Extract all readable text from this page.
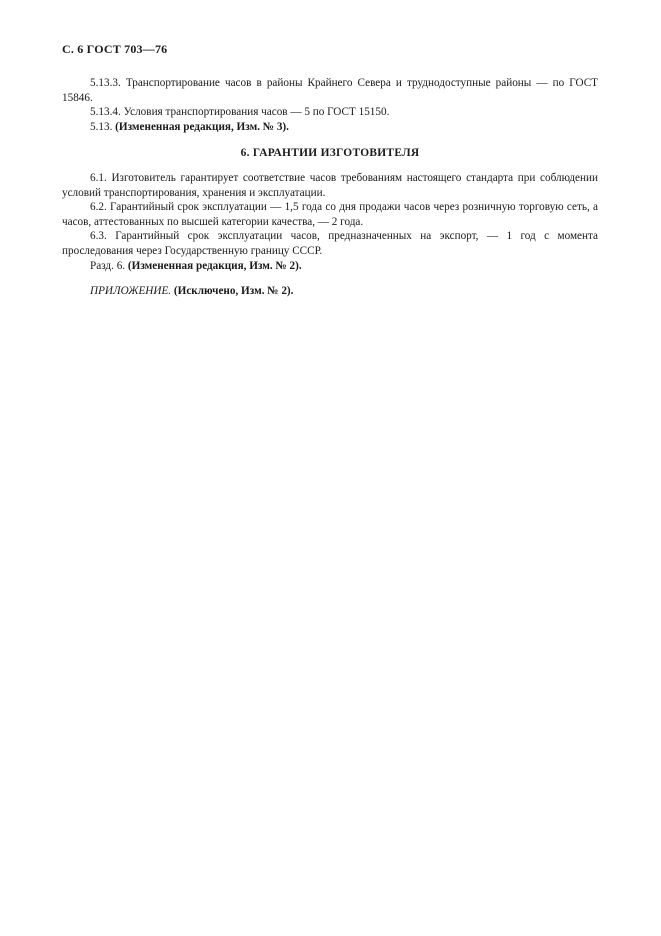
С. 6 ГОСТ 703—76

5.13.3. Транспортирование часов в районы Крайнего Севера и труднодоступные районы — по ГОСТ 15846.

5.13.4. Условия транспортирования часов — 5 по ГОСТ 15150.

5.13. (Измененная редакция, Изм. № 3).

6. ГАРАНТИИ ИЗГОТОВИТЕЛЯ

6.1. Изготовитель гарантирует соответствие часов требованиям настоящего стандарта при соблюдении условий транспортирования, хранения и эксплуатации.

6.2. Гарантийный срок эксплуатации — 1,5 года со дня продажи часов через розничную торговую сеть, а часов, аттестованных по высшей категории качества, — 2 года.

6.3. Гарантийный срок эксплуатации часов, предназначенных на экспорт, — 1 год с момента проследования через Государственную границу СССР.

Разд. 6. (Измененная редакция, Изм. № 2).

ПРИЛОЖЕНИЕ. (Исключено, Изм. № 2).
